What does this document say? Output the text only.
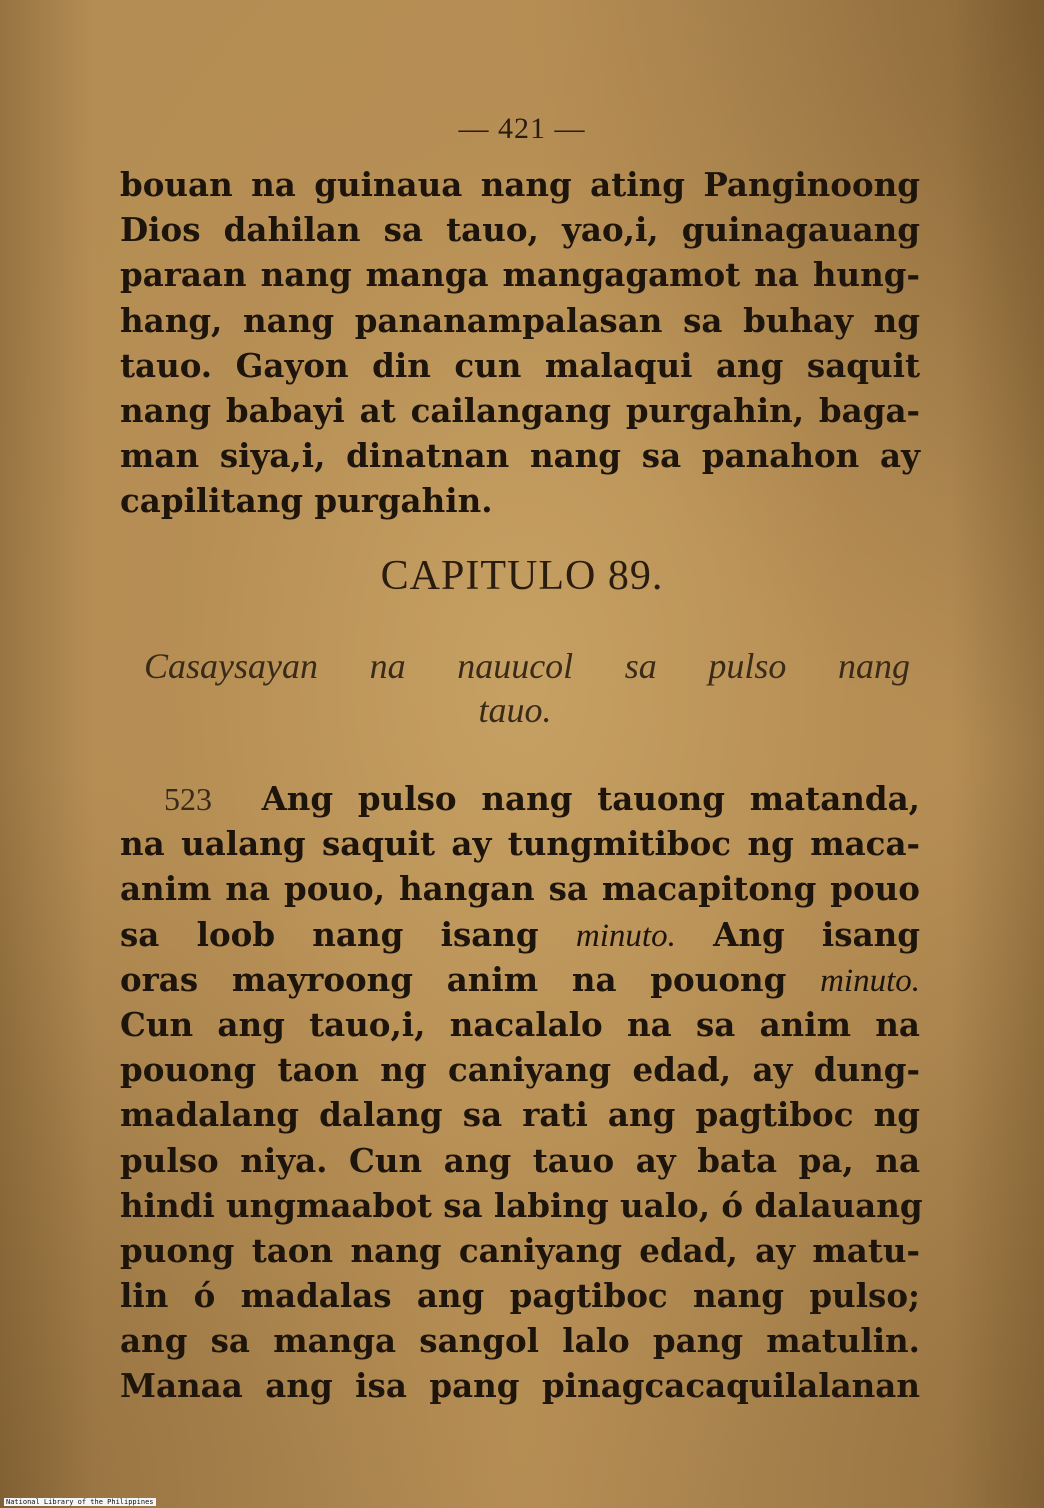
— 421 —
bouan na guinaua nang ating Panginoong
Dios dahilan sa tauo, yao,i, guinagauang
paraan nang manga mangagamot na hung-
hang, nang pananampalasan sa buhay ng
tauo. Gayon din cun malaqui ang saquit
nang babayi at cailangang purgahin, baga-
man siya,i, dinatnan nang sa panahon ay
capilitang purgahin.
CAPITULO 89.
Casaysayan na nauucol sa pulso nang
tauo.
523 Ang pulso nang tauong matanda,
na ualang saquit ay tungmitiboc ng maca-
anim na pouo, hangan sa macapitong pouo
sa loob nang isang minuto. Ang isang
oras mayroong anim na pouong minuto.
Cun ang tauo,i, nacalalo na sa anim na
pouong taon ng caniyang edad, ay dung-
madalang dalang sa rati ang pagtiboc ng
pulso niya. Cun ang tauo ay bata pa, na
hindi ungmaabot sa labing ualo, ó dalauang
puong taon nang caniyang edad, ay matu-
lin ó madalas ang pagtiboc nang pulso;
ang sa manga sangol lalo pang matulin.
Manaa ang isa pang pinagcacaquilalanan
National Library of the Philippines
